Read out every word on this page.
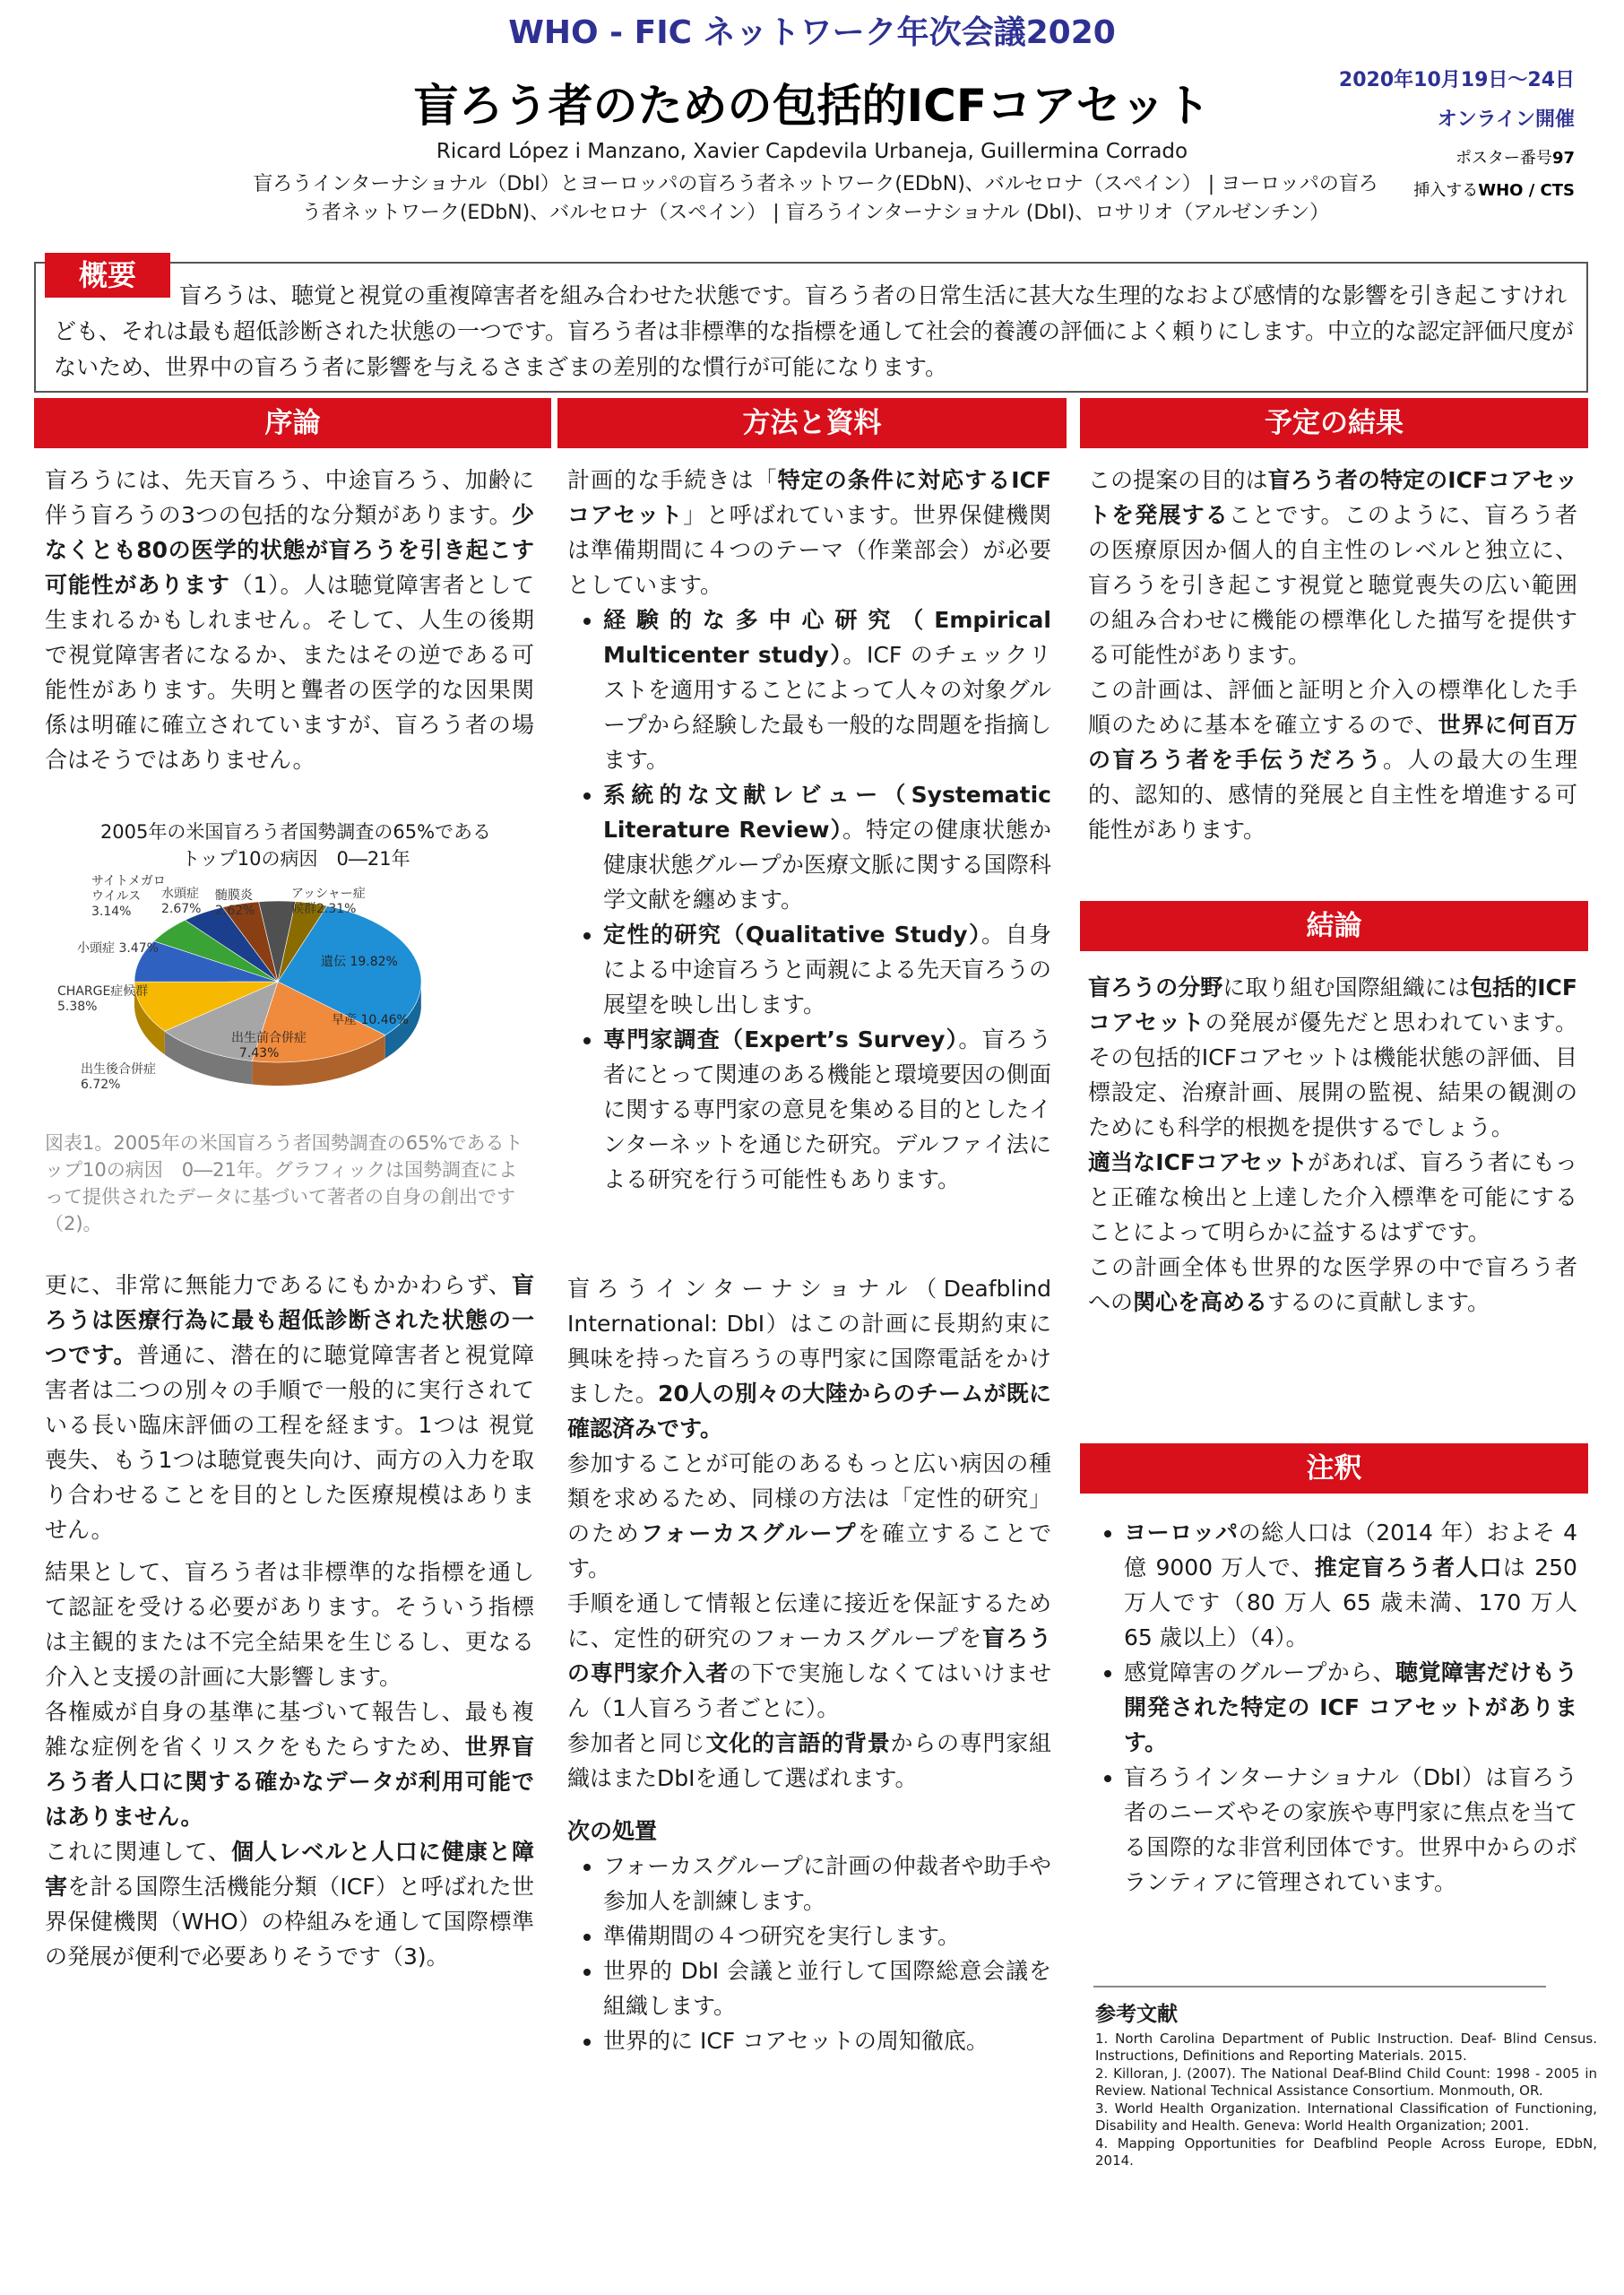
WHO - FIC ネットワーク年次会議2020
盲ろう者のための包括的ICFコアセット
Ricard López i Manzano, Xavier Capdevila Urbaneja, Guillermina Corrado
盲ろうインターナショナル（DbI）とヨーロッパの盲ろう者ネットワーク(EDbN)、バルセロナ（スペイン） | ヨーロッパの盲ろう者ネットワーク(EDbN)、バルセロナ（スペイン） | 盲ろうインターナショナル (DbI)、ロサリオ（アルゼンチン）
2020年10月19日～24日
オンライン開催
ポスター番号97
挿入するWHO / CTS
概要
盲ろうは、聴覚と視覚の重複障害者を組み合わせた状態です。盲ろう者の日常生活に甚大な生理的なおよび感情的な影響を引き起こすけれども、それは最も超低診断された状態の一つです。盲ろう者は非標準的な指標を通して社会的養護の評価によく頼りにします。中立的な認定評価尺度がないため、世界中の盲ろう者に影響を与えるさまざまの差別的な慣行が可能になります。
序論	方法と資料	予定の結果

盲ろうには、先天盲ろう、中途盲ろう、加齢に伴う盲ろうの3つの包括的な分類があります。少なくとも80の医学的状態が盲ろうを引き起こす可能性があります（1）。人は聴覚障害者として生まれるかもしれません。そして、人生の後期で視覚障害者になるか、またはその逆である可能性があります。失明と聾者の医学的な因果関係は明確に確立されていますが、盲ろう者の場合はそうではありません。

2005年の米国盲ろう者国勢調査の65%であるトップ10の病因　0―21年
サイトメガロ
ウイルス
3.14%
水頭症
2.67%
髄膜炎
2.62%
アッシャー症
候群2.31%
小頭症 3.47%
CHARGE症候群
5.38%
出生後合併症
6.72%
遺伝 19.82%
早産 10.46%
出生前合併症
7.43%
図表1。2005年の米国盲ろう者国勢調査の65%であるトップ10の病因　0―21年。グラフィックは国勢調査によって提供されたデータに基づいて著者の自身の創出です（2)。

更に、非常に無能力であるにもかかわらず、盲ろうは医療行為に最も超低診断された状態の一つです。普通に、潜在的に聴覚障害者と視覚障害者は二つの別々の手順で一般的に実行されている長い臨床評価の工程を経ます。1つは 視覚喪失、もう1つは聴覚喪失向け、両方の入力を取り合わせることを目的とした医療規模はありません。

結果として、盲ろう者は非標準的な指標を通して認証を受ける必要があります。そういう指標は主観的または不完全結果を生じるし、更なる介入と支援の計画に大影響します。

各権威が自身の基準に基づいて報告し、最も複雑な症例を省くリスクをもたらすため、世界盲ろう者人口に関する確かなデータが利用可能ではありません。

これに関連して、個人レベルと人口に健康と障害を計る国際生活機能分類（ICF）と呼ばれた世界保健機関（WHO）の枠組みを通して国際標準の発展が便利で必要ありそうです（3)。

計画的な手続きは「特定の条件に対応するICFコアセット」と呼ばれています。世界保健機関は準備期間に４つのテーマ（作業部会）が必要としています。

• 経験的な多中心研究（Empirical Multicenter study）。ICF のチェックリストを適用することによって人々の対象グループから経験した最も一般的な問題を指摘します。
• 系統的な文献レビュー（Systematic Literature Review）。特定の健康状態か健康状態グループか医療文脈に関する国際科学文献を纏めます。
• 定性的研究（Qualitative Study）。自身による中途盲ろうと両親による先天盲ろうの展望を映し出します。
• 専門家調査（Expert’s Survey）。盲ろう者にとって関連のある機能と環境要因の側面に関する専門家の意見を集める目的としたインターネットを通じた研究。デルファイ法による研究を行う可能性もあります。

盲ろうインターナショナル（Deafblind International: DbI）はこの計画に長期約束に興味を持った盲ろうの専門家に国際電話をかけました。20人の別々の大陸からのチームが既に確認済みです。

参加することが可能のあるもっと広い病因の種類を求めるため、同様の方法は「定性的研究」のためフォーカスグループを確立することです。

手順を通して情報と伝達に接近を保証するために、定性的研究のフォーカスグループを盲ろうの専門家介入者の下で実施しなくてはいけません（1人盲ろう者ごとに）。

参加者と同じ文化的言語的背景からの専門家組織はまたDbIを通して選ばれます。

次の処置

• フォーカスグループに計画の仲裁者や助手や参加人を訓練します。
• 準備期間の４つ研究を実行します。
• 世界的 DbI 会議と並行して国際総意会議を組織します。
• 世界的に ICF コアセットの周知徹底。

この提案の目的は盲ろう者の特定のICFコアセットを発展することです。このように、盲ろう者の医療原因か個人的自主性のレベルと独立に、盲ろうを引き起こす視覚と聴覚喪失の広い範囲の組み合わせに機能の標準化した描写を提供する可能性があります。

この計画は、評価と証明と介入の標準化した手順のために基本を確立するので、世界に何百万の盲ろう者を手伝うだろう。人の最大の生理的、認知的、感情的発展と自主性を増進する可能性があります。

結論

盲ろうの分野に取り組む国際組織には包括的ICFコアセットの発展が優先だと思われています。その包括的ICFコアセットは機能状態の評価、目標設定、治療計画、展開の監視、結果の観測のためにも科学的根拠を提供するでしょう。

適当なICFコアセットがあれば、盲ろう者にもっと正確な検出と上達した介入標準を可能にすることによって明らかに益するはずです。

この計画全体も世界的な医学界の中で盲ろう者への関心を高めるするのに貢献します。

注釈
• ヨーロッパの総人口は（2014 年）およそ 4 億 9000 万人で、推定盲ろう者人口は 250 万人です（80 万人 65 歳未満、170 万人 65 歳以上）（4）。
• 感覚障害のグループから、聴覚障害だけもう開発された特定の ICF コアセットがあります。
• 盲ろうインターナショナル（DbI）は盲ろう者のニーズやその家族や専門家に焦点を当てる国際的な非営利団体です。世界中からのボランティアに管理されています。
参考文献

1. North Carolina Department of Public Instruction. Deaf- Blind Census. Instructions, Definitions and Reporting Materials. 2015.

2. Killoran, J. (2007). The National Deaf-Blind Child Count: 1998 - 2005 in Review. National Technical Assistance Consortium. Monmouth, OR.

3. World Health Organization. International Classification of Functioning, Disability and Health. Geneva: World Health Organization; 2001.

4. Mapping Opportunities for Deafblind People Across Europe, EDbN, 2014.
